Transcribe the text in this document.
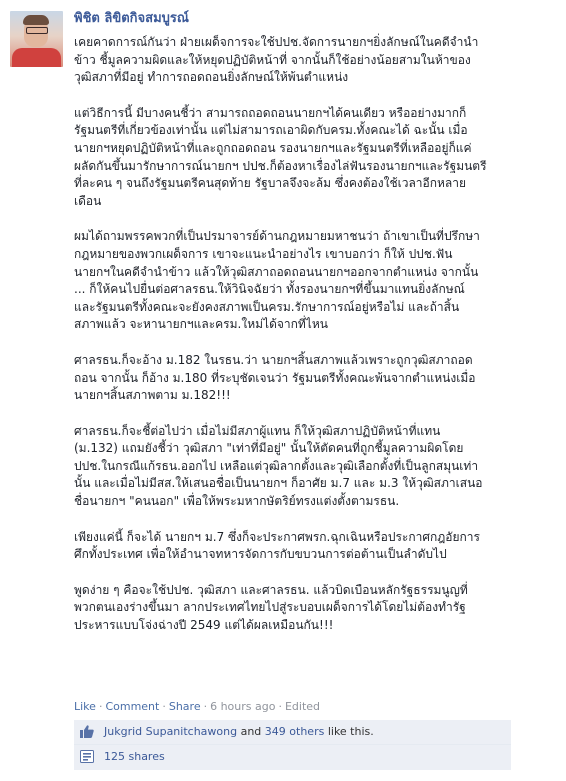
พิชิต ลิขิตกิจสมบูรณ์

เคยคาดการณ์กันว่า ฝ่ายเผด็จการจะใช้ปปช.จัดการนายกฯยิ่งลักษณ์ในคดีจำนำ
ข้าว ชี้มูลความผิดและให้หยุดปฏิบัติหน้าที่ จากนั้นก็ใช้อย่างน้อยสามในห้าของ
วุฒิสภาที่มีอยู่ ทำการถอดถอนยิ่งลักษณ์ให้พ้นตำแหน่ง

แต่วิธีการนี้ มีบางคนชี้ว่า สามารถถอดถอนนายกฯได้คนเดียว หรืออย่างมากก็
รัฐมนตรีที่เกี่ยวข้องเท่านั้น แต่ไม่สามารถเอาผิดกับครม.ทั้งคณะได้ ฉะนั้น เมื่อ
นายกฯหยุดปฏิบัติหน้าที่และถูกถอดถอน รองนายกฯและรัฐมนตรีที่เหลืออยู่ก็แค่
ผลัดกันขึ้นมารักษาการณ์นายกฯ ปปช.ก็ต้องหาเรื่องไล่ฟันรองนายกฯและรัฐมนตรี
ที่ละคน ๆ จนถึงรัฐมนตรีคนสุดท้าย รัฐบาลจึงจะล้ม ซึ่งคงต้องใช้เวลาอีกหลาย
เดือน

ผมได้ถามพรรคพวกที่เป็นปรมาจารย์ด้านกฎหมายมหาชนว่า ถ้าเขาเป็นที่ปรึกษา
กฎหมายของพวกเผด็จการ เขาจะแนะนำอย่างไร เขาบอกว่า ก็ให้ ปปช.ฟัน
นายกฯในคดีจำนำข้าว แล้วให้วุฒิสภาถอดถอนนายกฯออกจากตำแหน่ง จากนั้น
... ก็ให้คนไปยื่นต่อศาลรธน.ให้วินิจฉัยว่า ทั้งรองนายกฯที่ขึ้นมาแทนยิ่งลักษณ์
และรัฐมนตรีทั้งคณะจะยังคงสภาพเป็นครม.รักษาการณ์อยู่หรือไม่ และถ้าสิ้น
สภาพแล้ว จะหานายกฯและครม.ใหม่ได้จากที่ไหน

ศาลรธน.ก็จะอ้าง ม.182 ในรธน.ว่า นายกฯสิ้นสภาพแล้วเพราะถูกวุฒิสภาถอด
ถอน จากนั้น ก็อ้าง ม.180 ที่ระบุชัดเจนว่า รัฐมนตรีทั้งคณะพ้นจากตำแหน่งเมื่อ
นายกฯสิ้นสภาพตาม ม.182!!!

ศาลรธน.ก็จะชี้ต่อไปว่า เมื่อไม่มีสภาผู้แทน ก็ให้วุฒิสภาปฏิบัติหน้าที่แทน
(ม.132) แถมยังชี้ว่า วุฒิสภา "เท่าที่มีอยู่" นั้นให้ตัดคนที่ถูกชี้มูลความผิดโดย
ปปช.ในกรณีแก้รธน.ออกไป เหลือแต่วุฒิลากตั้งและวุฒิเลือกตั้งที่เป็นลูกสมุนเท่า
นั้น และเมื่อไม่มีสส.ให้เสนอชื่อเป็นนายกฯ ก็อาศัย ม.7 และ ม.3 ให้วุฒิสภาเสนอ
ชื่อนายกฯ "คนนอก" เพื่อให้พระมหากษัตริย์ทรงแต่งตั้งตามรธน.

เพียงแค่นี้ ก็จะได้ นายกฯ ม.7 ซึ่งก็จะประกาศพรก.ฉุกเฉินหรือประกาศกฎอัยการ
ศึกทั้งประเทศ เพื่อให้อำนาจทหารจัดการกับขบวนการต่อต้านเป็นลำดับไป

พูดง่าย ๆ คือจะใช้ปปช. วุฒิสภา และศาลรธน. แล้วบิดเบือนหลักรัฐธรรมนูญที่
พวกตนเองร่างขึ้นมา ลากประเทศไทยไปสู่ระบอบเผด็จการได้โดยไม่ต้องทำรัฐ
ประหารแบบโจ่งฉ่างปี 2549 แต่ได้ผลเหมือนกัน!!!

Like · Comment · Share · 6 hours ago · Edited
Jukgrid Supanitchawong and 349 others like this.
125 shares
